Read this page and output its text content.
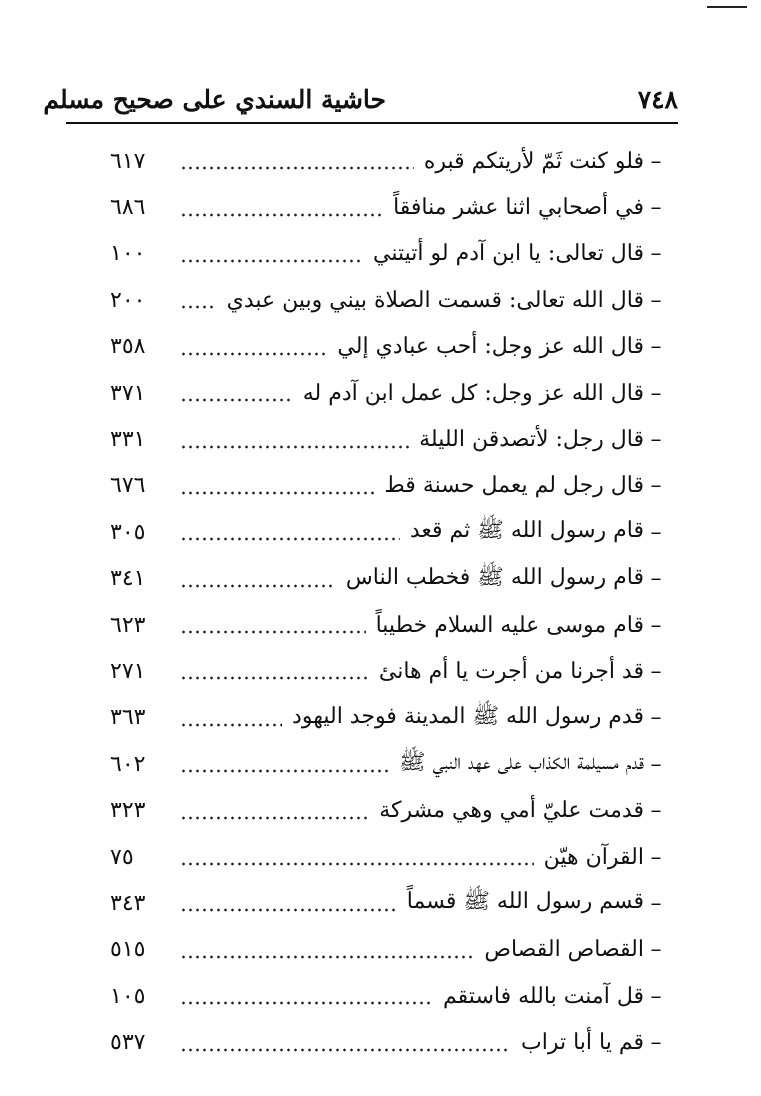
٧٤٨
حاشية السندي على صحيح مسلم
–
فلو كنت ثَمّ لأريتكم قبره
٦١٧
–
في أصحابي اثنا عشر منافقاً
٦٨٦
–
قال تعالى: يا ابن آدم لو أتيتني
١٠٠
–
قال الله تعالى: قسمت الصلاة بيني وبين عبدي
٢٠٠
–
قال الله عز وجل: أحب عبادي إلي
٣٥٨
–
قال الله عز وجل: كل عمل ابن آدم له
٣٧١
–
قال رجل: لأتصدقن الليلة
٣٣١
–
قال رجل لم يعمل حسنة قط
٦٧٦
–
قام رسول الله ﷺ ثم قعد
٣٠٥
–
قام رسول الله ﷺ فخطب الناس
٣٤١
–
قام موسى عليه السلام خطيباً
٦٢٣
–
قد أجرنا من أجرت يا أم هانئ
٢٧١
–
قدم رسول الله ﷺ المدينة فوجد اليهود
٣٦٣
–
قدم مسيلمة الكذاب على عهد النبي ﷺ
٦٠٢
–
قدمت عليّ أمي وهي مشركة
٣٢٣
–
القرآن هيّن
٧٥
–
قسم رسول الله ﷺ قسماً
٣٤٣
–
القصاص القصاص
٥١٥
–
قل آمنت بالله فاستقم
١٠٥
–
قم يا أبا تراب
٥٣٧
